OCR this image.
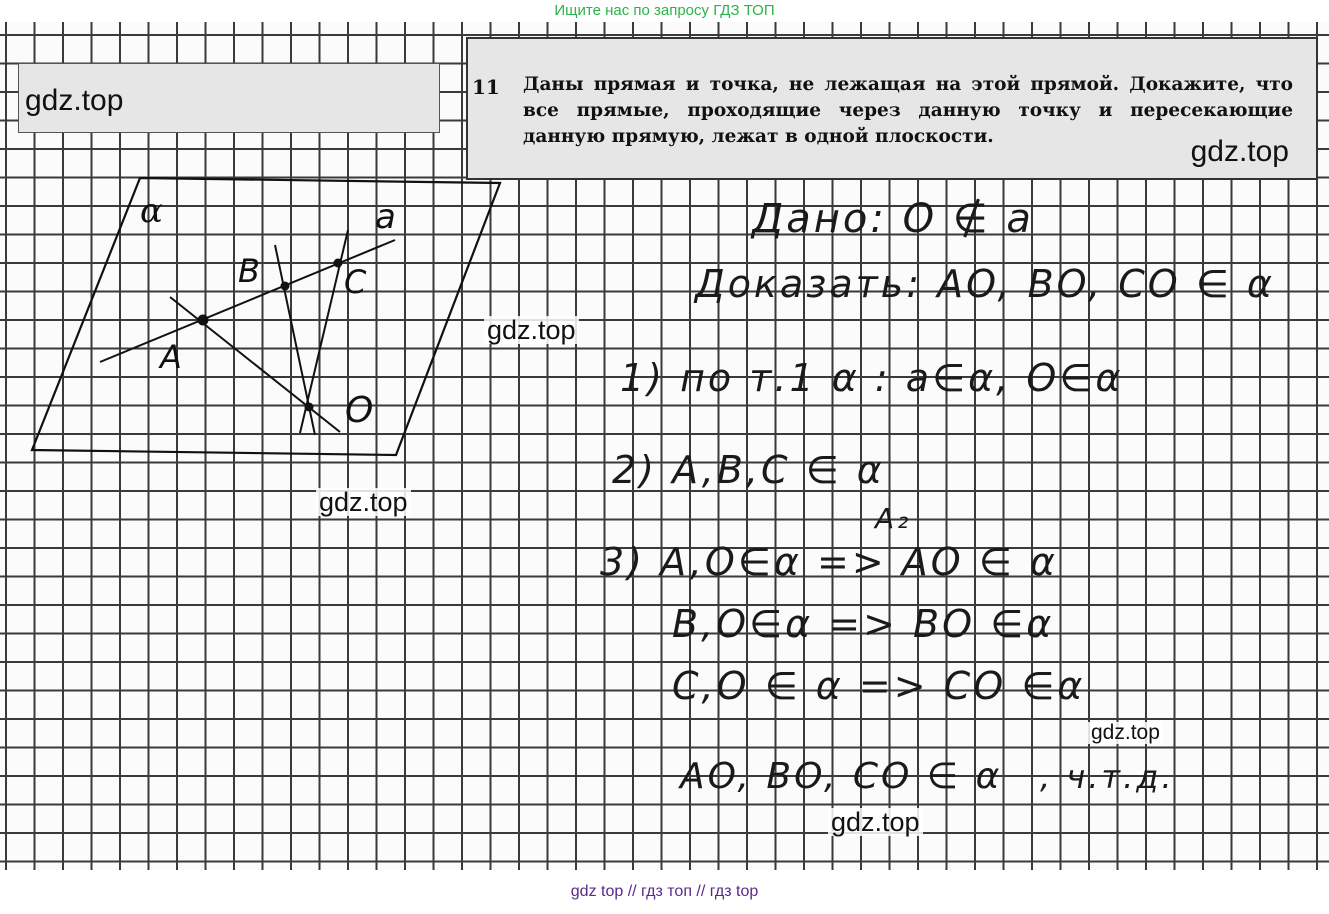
Ищите нас по запросу ГДЗ ТОП
gdz.top	11 Даны прямая и точка, не лежащая на этой прямой. Докажите, что все прямые, проходящие через данную точку и пересекающие данную прямую, лежат в одной плоскости.	gdz.top
α	a
B	C
A
O
gdz.top
gdz.top
gdz.top
gdz.top
Дано: O ∉ a
Доказать: AO, BO, CO ∈ α
1) по т.1 α : a∈α, O∈α
2) A,B,C ∈ α
A₂
3) A,O∈α => AO ∈ α
B,O∈α => BO ∈α
C,O ∈ α => CO ∈α
AO, BO, CO ∈ α , ч.т.д.
gdz top // гдз топ // гдз top
